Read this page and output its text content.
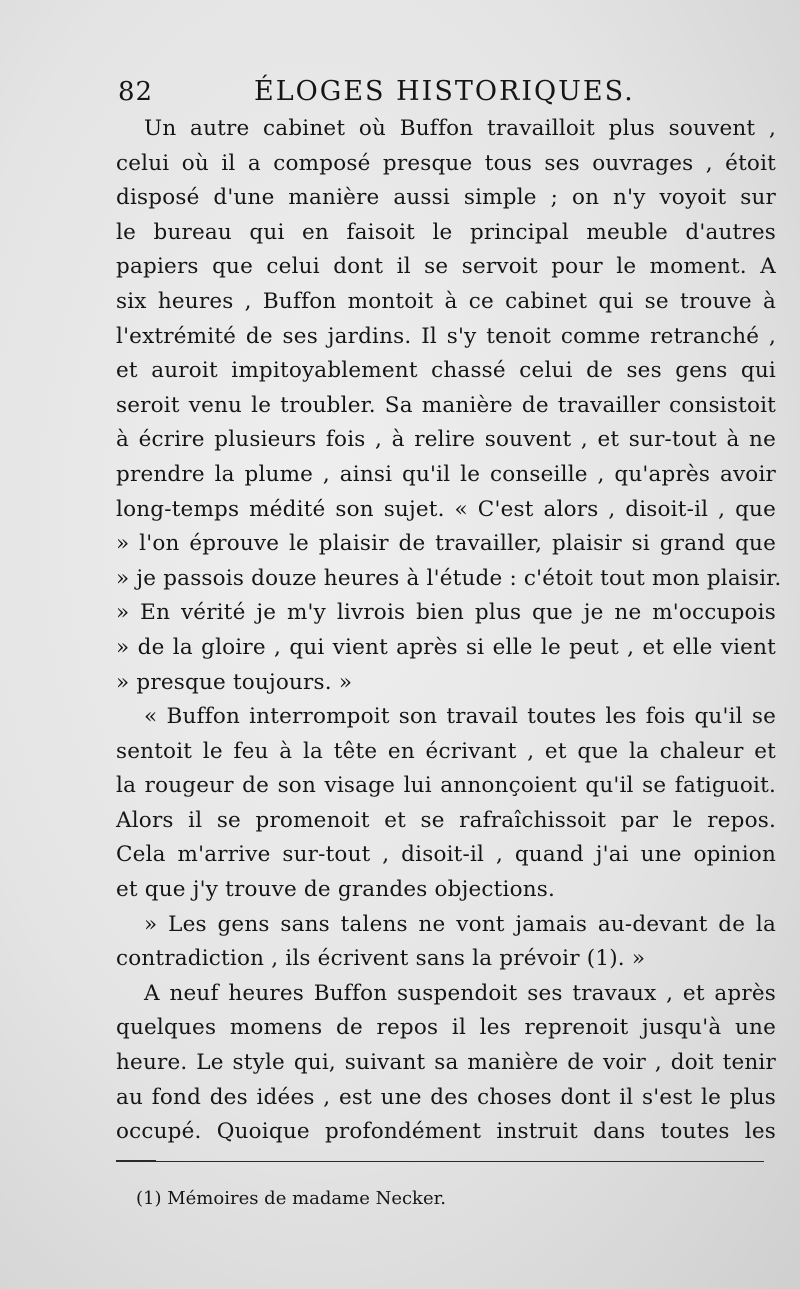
82	ÉLOGES HISTORIQUES.
Un autre cabinet où Buffon travailloit plus souvent ,
celui où il a composé presque tous ses ouvrages , étoit
disposé d'une manière aussi simple ; on n'y voyoit sur
le bureau qui en faisoit le principal meuble d'autres
papiers que celui dont il se servoit pour le moment. A
six heures , Buffon montoit à ce cabinet qui se trouve à
l'extrémité de ses jardins. Il s'y tenoit comme retranché ,
et auroit impitoyablement chassé celui de ses gens qui
seroit venu le troubler. Sa manière de travailler consistoit
à écrire plusieurs fois , à relire souvent , et sur-tout à ne
prendre la plume , ainsi qu'il le conseille , qu'après avoir
long-temps médité son sujet. « C'est alors , disoit-il , que
» l'on éprouve le plaisir de travailler, plaisir si grand que
» je passois douze heures à l'étude : c'étoit tout mon plaisir.
» En vérité je m'y livrois bien plus que je ne m'occupois
» de la gloire , qui vient après si elle le peut , et elle vient
» presque toujours. »
« Buffon interrompoit son travail toutes les fois qu'il se
sentoit le feu à la tête en écrivant , et que la chaleur et
la rougeur de son visage lui annonçoient qu'il se fatiguoit.
Alors il se promenoit et se rafraîchissoit par le repos.
Cela m'arrive sur-tout , disoit-il , quand j'ai une opinion
et que j'y trouve de grandes objections.
» Les gens sans talens ne vont jamais au-devant de la
contradiction , ils écrivent sans la prévoir (1). »
A neuf heures Buffon suspendoit ses travaux , et après
quelques momens de repos il les reprenoit jusqu'à une
heure. Le style qui, suivant sa manière de voir , doit tenir
au fond des idées , est une des choses dont il s'est le plus
occupé. Quoique profondément instruit dans toutes les
(1) Mémoires de madame Necker.
